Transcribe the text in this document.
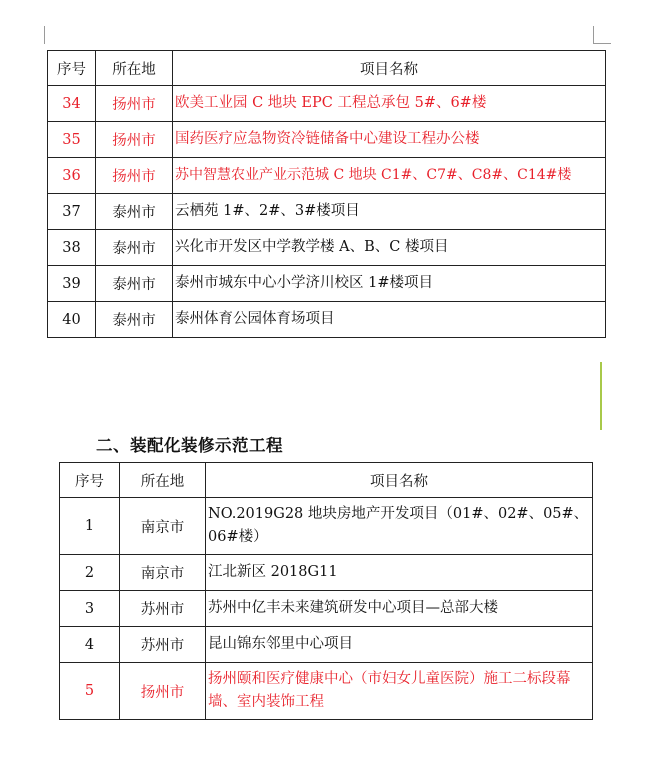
序号	所在地	项目名称
34	扬州市	欧美工业园 C 地块 EPC 工程总承包 5#、6#楼
35	扬州市	国药医疗应急物资冷链储备中心建设工程办公楼
36	扬州市	苏中智慧农业产业示范城 C 地块 C1#、C7#、C8#、C14#楼
37	泰州市	云栖苑 1#、2#、3#楼项目
38	泰州市	兴化市开发区中学教学楼 A、B、C 楼项目
39	泰州市	泰州市城东中心小学济川校区 1#楼项目
40	泰州市	泰州体育公园体育场项目
二、装配化装修示范工程
序号	所在地	项目名称
1	南京市	NO.2019G28 地块房地产开发项目（01#、02#、05#、06#楼）
2	南京市	江北新区 2018G11
3	苏州市	苏州中亿丰未来建筑研发中心项目—总部大楼
4	苏州市	昆山锦东邻里中心项目
5	扬州市	扬州颐和医疗健康中心（市妇女儿童医院）施工二标段幕墙、室内装饰工程
